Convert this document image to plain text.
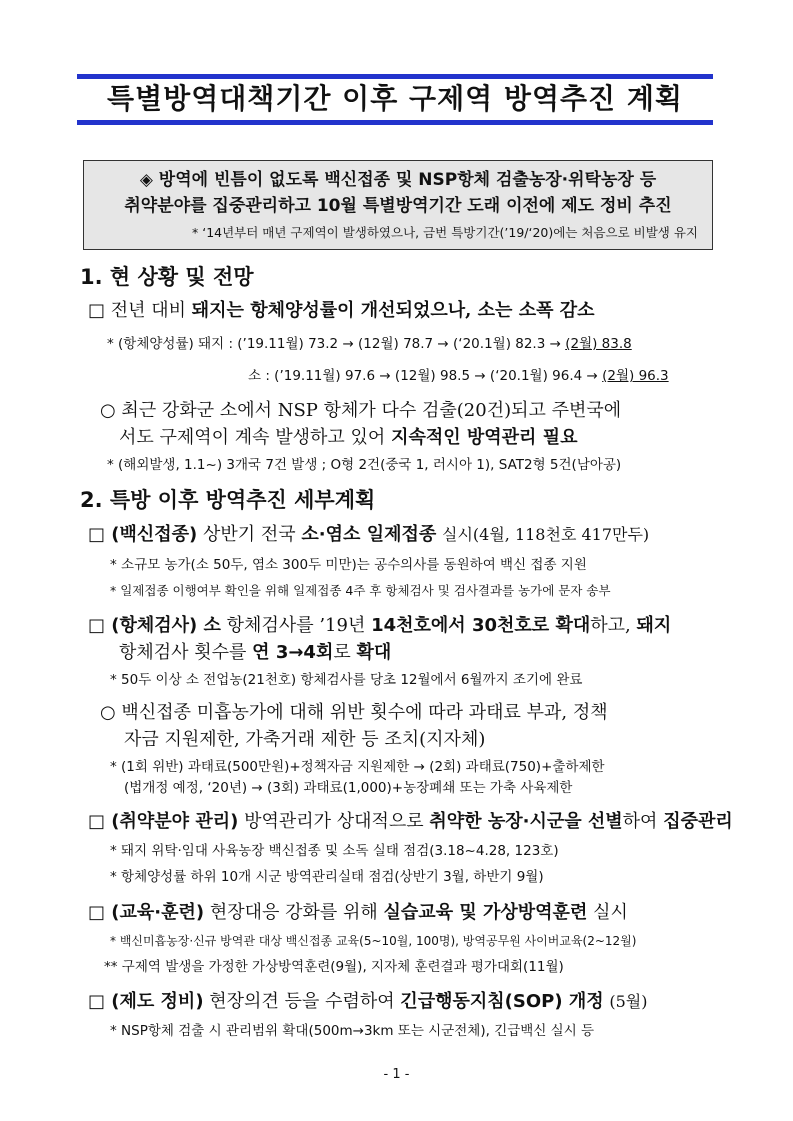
특별방역대책기간 이후 구제역 방역추진 계획
◈ 방역에 빈틈이 없도록 백신접종 및 NSP항체 검출농장·위탁농장 등
취약분야를 집중관리하고 10월 특별방역기간 도래 이전에 제도 정비 추진
* ‘14년부터 매년 구제역이 발생하였으나, 금번 특방기간(’19/‘20)에는 처음으로 비발생 유지
1. 현 상황 및 전망
□ 전년 대비 돼지는 항체양성률이 개선되었으나, 소는 소폭 감소
* (항체양성률) 돼지 : (’19.11월) 73.2 → (12월) 78.7 → (‘20.1월) 82.3 → (2월) 83.8
소 : (’19.11월) 97.6 → (12월) 98.5 → (‘20.1월) 96.4 → (2월) 96.3
○ 최근 강화군 소에서 NSP 항체가 다수 검출(20건)되고 주변국에
서도 구제역이 계속 발생하고 있어 지속적인 방역관리 필요
* (해외발생, 1.1~) 3개국 7건 발생 ; O형 2건(중국 1, 러시아 1), SAT2형 5건(남아공)
2. 특방 이후 방역추진 세부계획
□ (백신접종) 상반기 전국 소·염소 일제접종 실시(4월, 118천호 417만두)
* 소규모 농가(소 50두, 염소 300두 미만)는 공수의사를 동원하여 백신 접종 지원
* 일제접종 이행여부 확인을 위해 일제접종 4주 후 항체검사 및 검사결과를 농가에 문자 송부
□ (항체검사) 소 항체검사를 ’19년 14천호에서 30천호로 확대하고, 돼지
항체검사 횟수를 연 3→4회로 확대
* 50두 이상 소 전업농(21천호) 항체검사를 당초 12월에서 6월까지 조기에 완료
○ 백신접종 미흡농가에 대해 위반 횟수에 따라 과태료 부과, 정책
자금 지원제한, 가축거래 제한 등 조치(지자체)
* (1회 위반) 과태료(500만원)+정책자금 지원제한 → (2회) 과태료(750)+출하제한
(법개정 예정, ‘20년) → (3회) 과태료(1,000)+농장폐쇄 또는 가축 사육제한
□ (취약분야 관리) 방역관리가 상대적으로 취약한 농장·시군을 선별하여 집중관리
* 돼지 위탁·임대 사육농장 백신접종 및 소독 실태 점검(3.18~4.28, 123호)
* 항체양성률 하위 10개 시군 방역관리실태 점검(상반기 3월, 하반기 9월)
□ (교육·훈련) 현장대응 강화를 위해 실습교육 및 가상방역훈련 실시
* 백신미흡농장·신규 방역관 대상 백신접종 교육(5~10월, 100명), 방역공무원 사이버교육(2~12월)
** 구제역 발생을 가정한 가상방역훈련(9월), 지자체 훈련결과 평가대회(11월)
□ (제도 정비) 현장의견 등을 수렴하여 긴급행동지침(SOP) 개정 (5월)
* NSP항체 검출 시 관리범위 확대(500m→3km 또는 시군전체), 긴급백신 실시 등
- 1 -
